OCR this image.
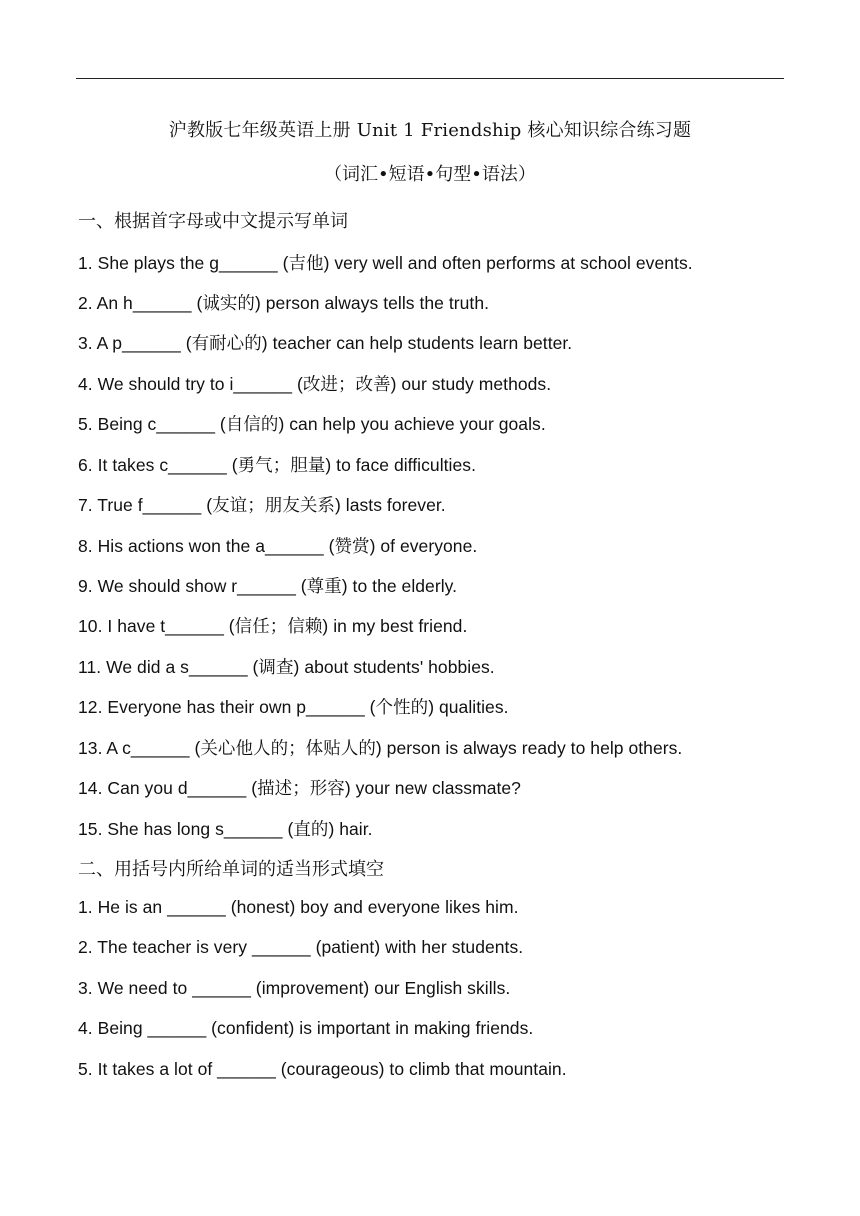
沪教版七年级英语上册 Unit 1 Friendship 核心知识综合练习题
（词汇•短语•句型•语法）
一、根据首字母或中文提示写单词
1. She plays the g______ (吉他) very well and often performs at school events.
2. An h______ (诚实的) person always tells the truth.
3. A p______ (有耐心的) teacher can help students learn better.
4. We should try to i______ (改进；改善) our study methods.
5. Being c______ (自信的) can help you achieve your goals.
6. It takes c______ (勇气；胆量) to face difficulties.
7. True f______ (友谊；朋友关系) lasts forever.
8. His actions won the a______ (赞赏) of everyone.
9. We should show r______ (尊重) to the elderly.
10. I have t______ (信任；信赖) in my best friend.
11. We did a s______ (调查) about students' hobbies.
12. Everyone has their own p______ (个性的) qualities.
13. A c______ (关心他人的；体贴人的) person is always ready to help others.
14. Can you d______ (描述；形容) your new classmate?
15. She has long s______ (直的) hair.
二、用括号内所给单词的适当形式填空
1. He is an ______ (honest) boy and everyone likes him.
2. The teacher is very ______ (patient) with her students.
3. We need to ______ (improvement) our English skills.
4. Being ______ (confident) is important in making friends.
5. It takes a lot of ______ (courageous) to climb that mountain.
